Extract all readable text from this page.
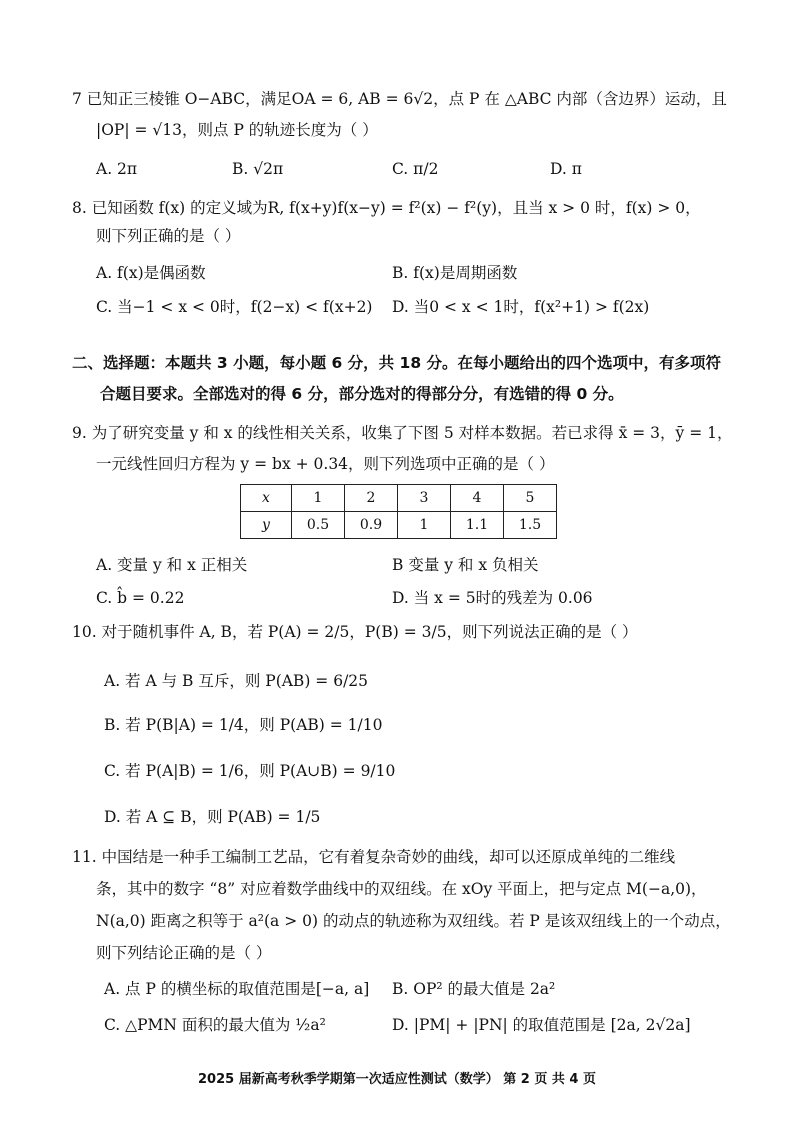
7 已知正三棱锥 O−ABC，满足OA = 6, AB = 6√2，点 P 在 △ABC 内部（含边界）运动，且
|OP| = √13，则点 P 的轨迹长度为（ ）
A. 2π	B. √2π	C. π/2	D. π
8. 已知函数 f(x) 的定义域为R, f(x+y)f(x−y) = f²(x) − f²(y)，且当 x > 0 时，f(x) > 0，
则下列正确的是（ ）
A. f(x)是偶函数	B. f(x)是周期函数
C. 当−1 < x < 0时，f(2−x) < f(x+2) D. 当0 < x < 1时，f(x²+1) > f(2x)
二、选择题：本题共 3 小题，每小题 6 分，共 18 分。在每小题给出的四个选项中，有多项符
合题目要求。全部选对的得 6 分，部分选对的得部分分，有选错的得 0 分。
9. 为了研究变量 y 和 x 的线性相关关系，收集了下图 5 对样本数据。若已求得 x̄ = 3，ȳ = 1，
一元线性回归方程为 y = bx + 0.34，则下列选项中正确的是（ ）
x	1	2	3	4	5
y	0.5	0.9	1	1.1	1.5
A. 变量 y 和 x 正相关	B 变量 y 和 x 负相关
C. b̂ = 0.22	D. 当 x = 5时的残差为 0.06
10. 对于随机事件 A, B，若 P(A) = 2/5，P(B) = 3/5，则下列说法正确的是（ ）
A. 若 A 与 B 互斥，则 P(AB) = 6/25
B. 若 P(B|A) = 1/4，则 P(AB) = 1/10
C. 若 P(A|B) = 1/6，则 P(A∪B) = 9/10
D. 若 A ⊆ B，则 P(AB) = 1/5
11. 中国结是一种手工编制工艺品，它有着复杂奇妙的曲线，却可以还原成单纯的二维线
条，其中的数字 “8” 对应着数学曲线中的双纽线。在 xOy 平面上，把与定点 M(−a,0)，
N(a,0) 距离之积等于 a²(a > 0) 的动点的轨迹称为双纽线。若 P 是该双纽线上的一个动点，
则下列结论正确的是（ ）
A. 点 P 的横坐标的取值范围是[−a, a] B. OP² 的最大值是 2a²
C. △PMN 面积的最大值为 ½a²	D. |PM| + |PN| 的取值范围是 [2a, 2√2a]
2025 届新高考秋季学期第一次适应性测试（数学） 第 2 页 共 4 页
